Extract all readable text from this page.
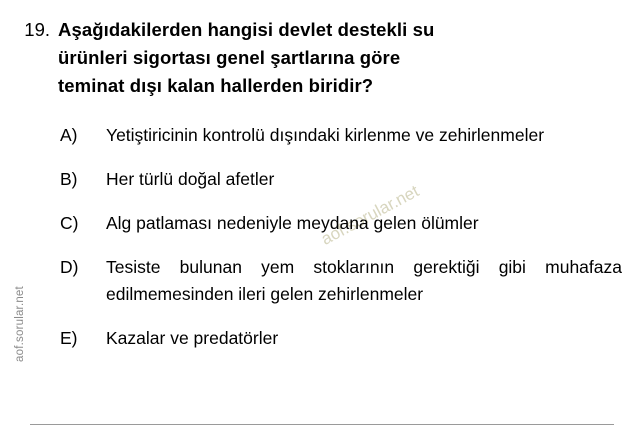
aof.sorular.net
aof.sorular.net
19. Aşağıdakilerden hangisi devlet destekli su
ürünleri sigortası genel şartlarına göre
teminat dışı kalan hallerden biridir?
A)	Yetiştiricinin kontrolü dışındaki kirlenme ve zehirlenmeler
B)	Her türlü doğal afetler
C)	Alg patlaması nedeniyle meydana gelen ölümler
D)	Tesiste bulunan yem stoklarının gerektiği gibi muhafaza edilmemesinden ileri gelen zehirlenmeler
E)	Kazalar ve predatörler
